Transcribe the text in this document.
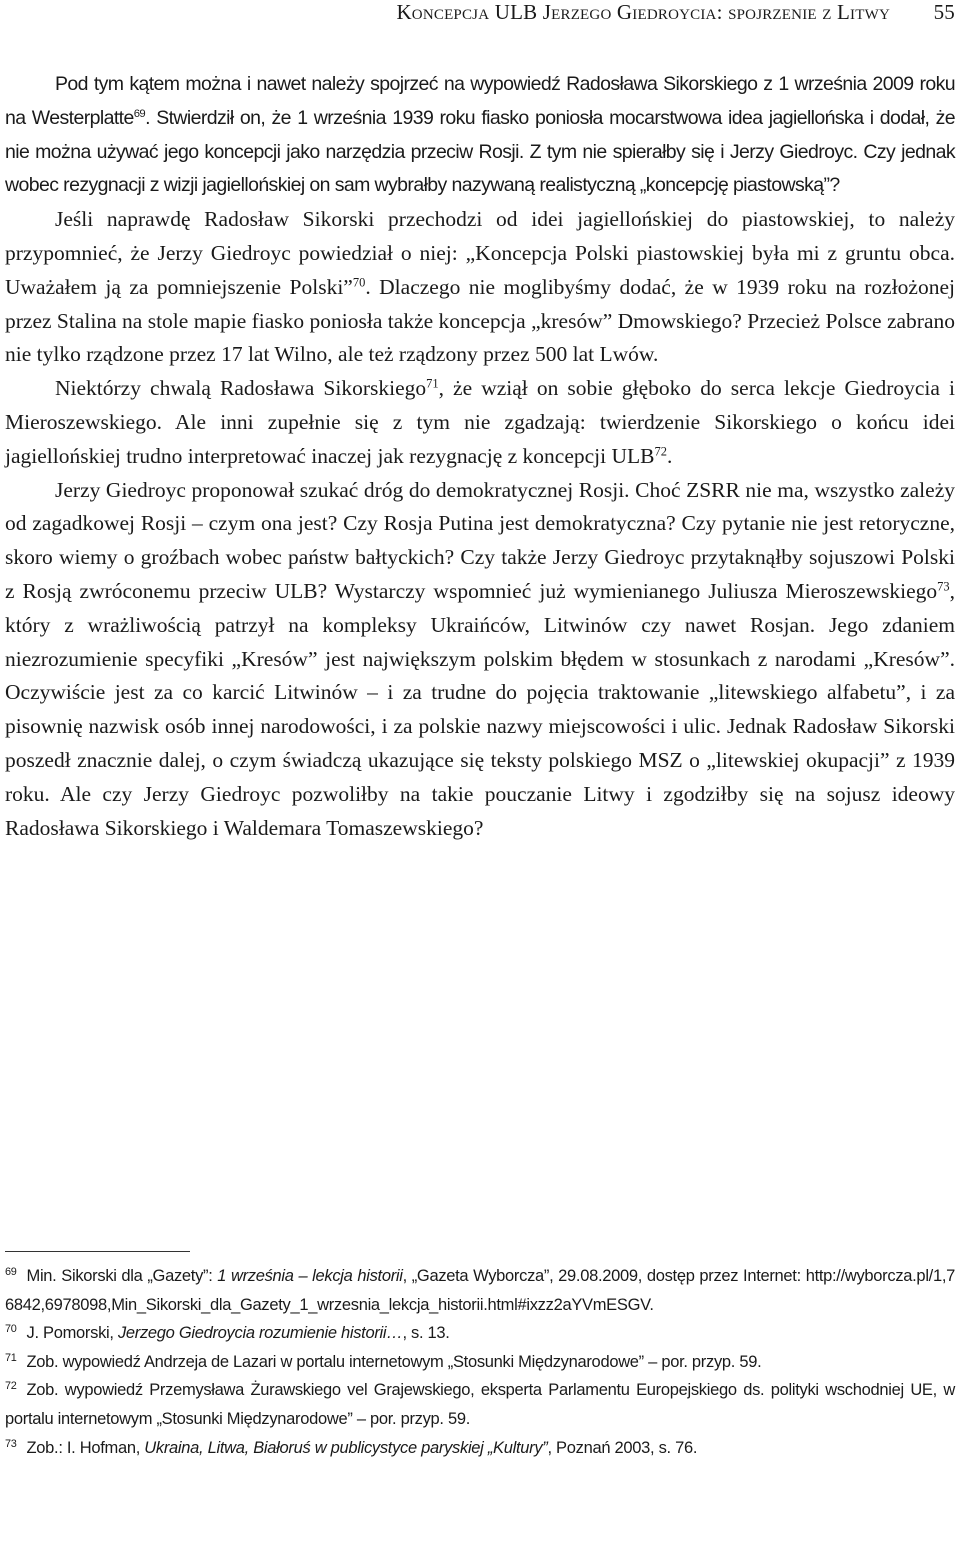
Koncepcja ULB Jerzego Giedroycia: spojrzenie z Litwy 55

Pod tym kątem można i nawet należy spojrzeć na wypowiedź Radosława Sikorskiego z 1 września 2009 roku na Westerplatte$^{69}$. Stwierdził on, że 1 września 1939 roku fiasko poniosła mocarstwowa idea jagiellońska i dodał, że nie można używać jego koncepcji jako narzędzia przeciw Rosji. Z tym nie spierałby się i Jerzy Giedroyc. Czy jednak wobec rezygnacji z wizji jagiellońskiej on sam wybrałby nazywaną realistyczną „koncepcję piastowską”?

Jeśli naprawdę Radosław Sikorski przechodzi od idei jagiellońskiej do piastowskiej, to należy przypomnieć, że Jerzy Giedroyc powiedział o niej: „Koncepcja Polski piastowskiej była mi z gruntu obca. Uważałem ją za pomniejszenie Polski”$^{70}$. Dlaczego nie moglibyśmy dodać, że w 1939 roku na rozłożonej przez Stalina na stole mapie fiasko poniosła także koncepcja „kresów” Dmowskiego? Przecież Polsce zabrano nie tylko rządzone przez 17 lat Wilno, ale też rządzony przez 500 lat Lwów.

Niektórzy chwalą Radosława Sikorskiego$^{71}$, że wziął on sobie głęboko do serca lekcje Giedroycia i Mieroszewskiego. Ale inni zupełnie się z tym nie zgadzają: twierdzenie Sikorskiego o końcu idei jagiellońskiej trudno interpretować inaczej jak rezygnację z koncepcji ULB$^{72}$.

Jerzy Giedroyc proponował szukać dróg do demokratycznej Rosji. Choć ZSRR nie ma, wszystko zależy od zagadkowej Rosji – czym ona jest? Czy Rosja Putina jest demokratyczna? Czy pytanie nie jest retoryczne, skoro wiemy o groźbach wobec państw bałtyckich? Czy także Jerzy Giedroyc przytaknąłby sojuszowi Polski z Rosją zwróconemu przeciw ULB? Wystarczy wspomnieć już wymienianego Juliusza Mieroszewskiego$^{73}$, który z wrażliwością patrzył na kompleksy Ukraińców, Litwinów czy nawet Rosjan. Jego zdaniem niezrozumienie specyfiki „Kresów” jest największym polskim błędem w stosunkach z narodami „Kresów”. Oczywiście jest za co karcić Litwinów – i za trudne do pojęcia traktowanie „litewskiego alfabetu”, i za pisownię nazwisk osób innej narodowości, i za polskie nazwy miejscowości i ulic. Jednak Radosław Sikorski poszedł znacznie dalej, o czym świadczą ukazujące się teksty polskiego MSZ o „litewskiej okupacji” z 1939 roku. Ale czy Jerzy Giedroyc pozwoliłby na takie pouczanie Litwy i zgodziłby się na sojusz ideowy Radosława Sikorskiego i Waldemara Tomaszewskiego?

$^{69}$ Min. Sikorski dla „Gazety”: 1 września – lekcja historii, „Gazeta Wyborcza”, 29.08.2009, dostęp przez Internet: http://wyborcza.pl/1,76842,6978098,Min_Sikorski_dla_Gazety_1_wrzesnia_lekcja_historii.html#ixzz2aYVmESGV.

$^{70}$ J. Pomorski, Jerzego Giedroycia rozumienie historii…, s. 13.

$^{71}$ Zob. wypowiedź Andrzeja de Lazari w portalu internetowym „Stosunki Międzynarodowe” – por. przyp. 59.

$^{72}$ Zob. wypowiedź Przemysława Żurawskiego vel Grajewskiego, eksperta Parlamentu Europejskiego ds. polityki wschodniej UE, w portalu internetowym „Stosunki Międzynarodowe” – por. przyp. 59.

$^{73}$ Zob.: I. Hofman, Ukraina, Litwa, Białoruś w publicystyce paryskiej „Kultury”, Poznań 2003, s. 76.
